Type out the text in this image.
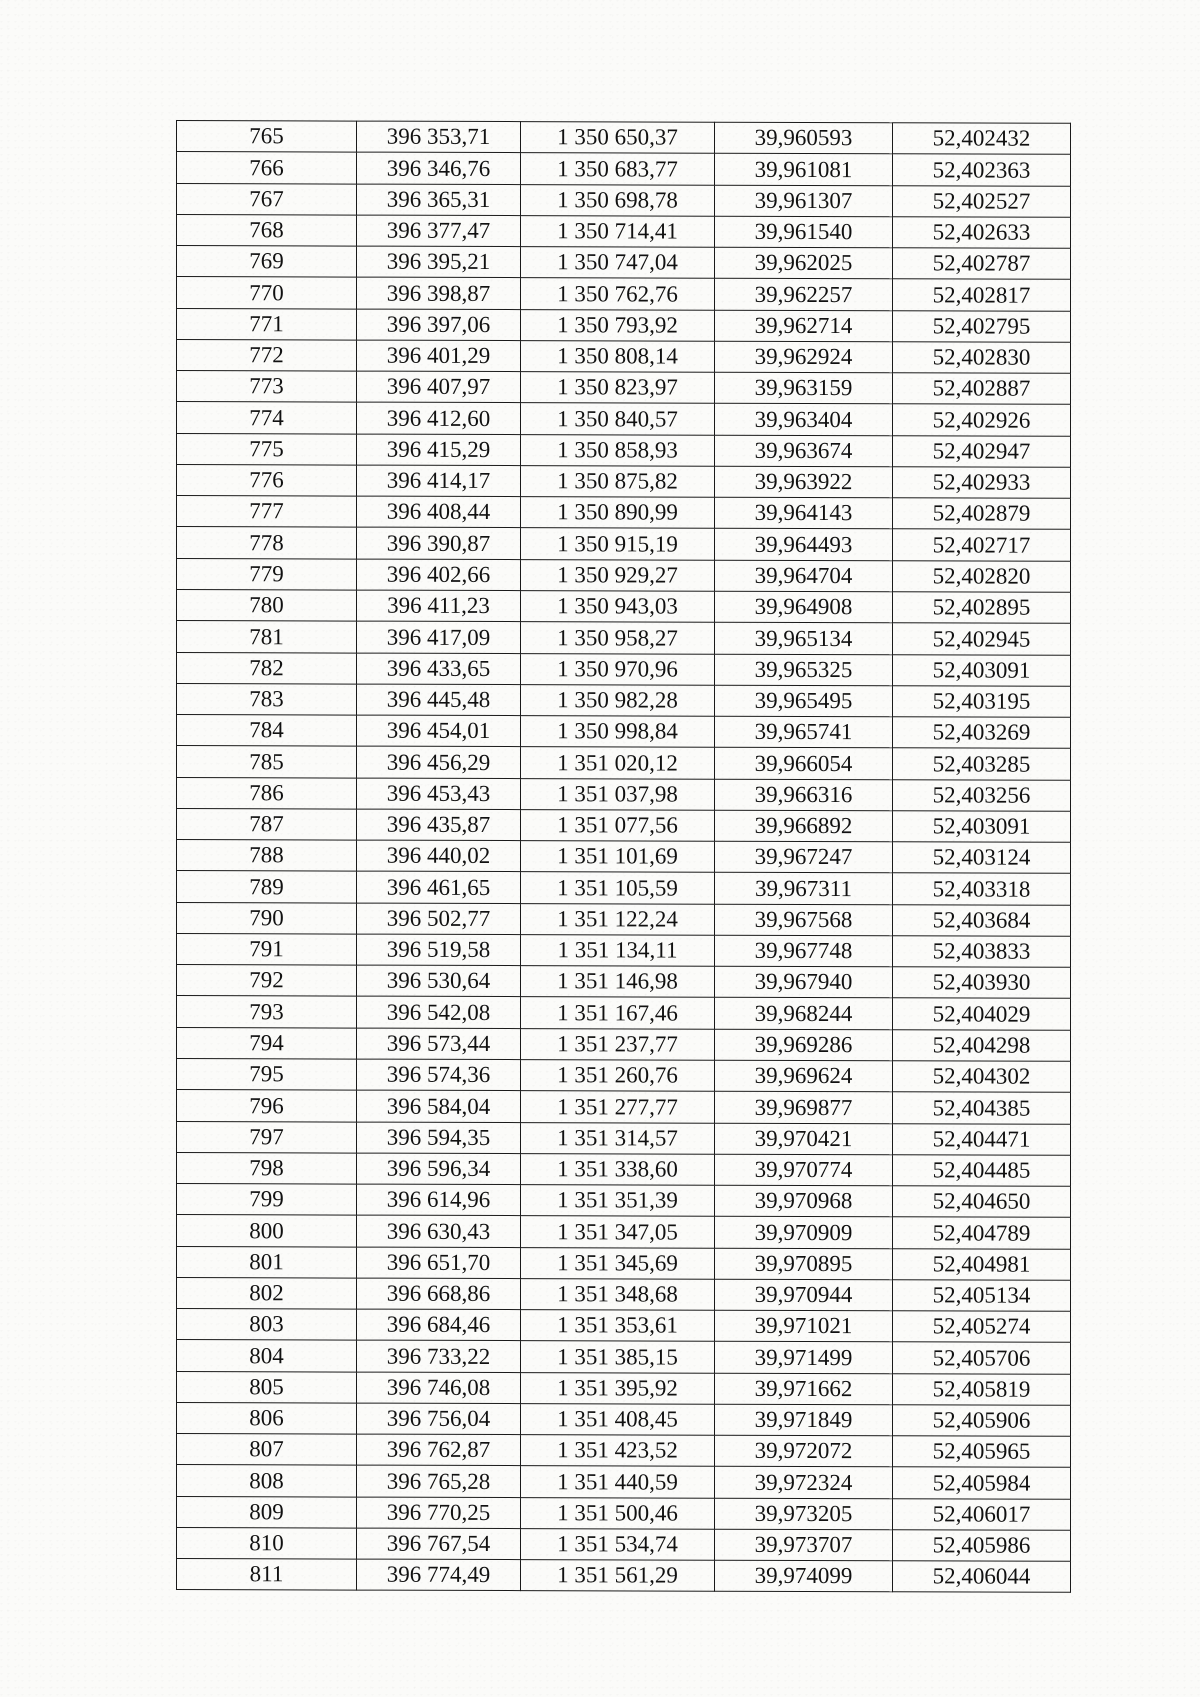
765	396 353,71	1 350 650,37	39,960593	52,402432
766	396 346,76	1 350 683,77	39,961081	52,402363
767	396 365,31	1 350 698,78	39,961307	52,402527
768	396 377,47	1 350 714,41	39,961540	52,402633
769	396 395,21	1 350 747,04	39,962025	52,402787
770	396 398,87	1 350 762,76	39,962257	52,402817
771	396 397,06	1 350 793,92	39,962714	52,402795
772	396 401,29	1 350 808,14	39,962924	52,402830
773	396 407,97	1 350 823,97	39,963159	52,402887
774	396 412,60	1 350 840,57	39,963404	52,402926
775	396 415,29	1 350 858,93	39,963674	52,402947
776	396 414,17	1 350 875,82	39,963922	52,402933
777	396 408,44	1 350 890,99	39,964143	52,402879
778	396 390,87	1 350 915,19	39,964493	52,402717
779	396 402,66	1 350 929,27	39,964704	52,402820
780	396 411,23	1 350 943,03	39,964908	52,402895
781	396 417,09	1 350 958,27	39,965134	52,402945
782	396 433,65	1 350 970,96	39,965325	52,403091
783	396 445,48	1 350 982,28	39,965495	52,403195
784	396 454,01	1 350 998,84	39,965741	52,403269
785	396 456,29	1 351 020,12	39,966054	52,403285
786	396 453,43	1 351 037,98	39,966316	52,403256
787	396 435,87	1 351 077,56	39,966892	52,403091
788	396 440,02	1 351 101,69	39,967247	52,403124
789	396 461,65	1 351 105,59	39,967311	52,403318
790	396 502,77	1 351 122,24	39,967568	52,403684
791	396 519,58	1 351 134,11	39,967748	52,403833
792	396 530,64	1 351 146,98	39,967940	52,403930
793	396 542,08	1 351 167,46	39,968244	52,404029
794	396 573,44	1 351 237,77	39,969286	52,404298
795	396 574,36	1 351 260,76	39,969624	52,404302
796	396 584,04	1 351 277,77	39,969877	52,404385
797	396 594,35	1 351 314,57	39,970421	52,404471
798	396 596,34	1 351 338,60	39,970774	52,404485
799	396 614,96	1 351 351,39	39,970968	52,404650
800	396 630,43	1 351 347,05	39,970909	52,404789
801	396 651,70	1 351 345,69	39,970895	52,404981
802	396 668,86	1 351 348,68	39,970944	52,405134
803	396 684,46	1 351 353,61	39,971021	52,405274
804	396 733,22	1 351 385,15	39,971499	52,405706
805	396 746,08	1 351 395,92	39,971662	52,405819
806	396 756,04	1 351 408,45	39,971849	52,405906
807	396 762,87	1 351 423,52	39,972072	52,405965
808	396 765,28	1 351 440,59	39,972324	52,405984
809	396 770,25	1 351 500,46	39,973205	52,406017
810	396 767,54	1 351 534,74	39,973707	52,405986
811	396 774,49	1 351 561,29	39,974099	52,406044
